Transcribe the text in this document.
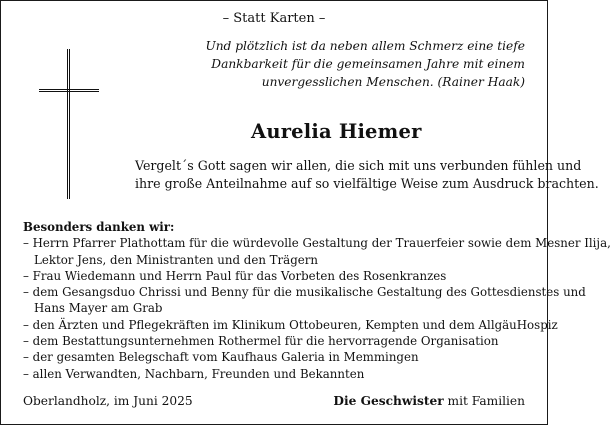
– Statt Karten –
Und plötzlich ist da neben allem Schmerz eine tiefe
Dankbarkeit für die gemeinsamen Jahre mit einem
unvergesslichen Menschen. (Rainer Haak)
Aurelia Hiemer
Vergelt´s Gott sagen wir allen, die sich mit uns verbunden fühlen und
ihre große Anteilnahme auf so vielfältige Weise zum Ausdruck brachten.
Besonders danken wir:
– Herrn Pfarrer Plathottam für die würdevolle Gestaltung der Trauerfeier sowie dem Mesner Ilija,
Lektor Jens, den Ministranten und den Trägern
– Frau Wiedemann und Herrn Paul für das Vorbeten des Rosenkranzes
– dem Gesangsduo Chrissi und Benny für die musikalische Gestaltung des Gottesdienstes und
Hans Mayer am Grab
– den Ärzten und Pflegekräften im Klinikum Ottobeuren, Kempten und dem AllgäuHospiz
– dem Bestattungsunternehmen Rothermel für die hervorragende Organisation
– der gesamten Belegschaft vom Kaufhaus Galeria in Memmingen
– allen Verwandten, Nachbarn, Freunden und Bekannten
Oberlandholz, im Juni 2025	Die Geschwister mit Familien
